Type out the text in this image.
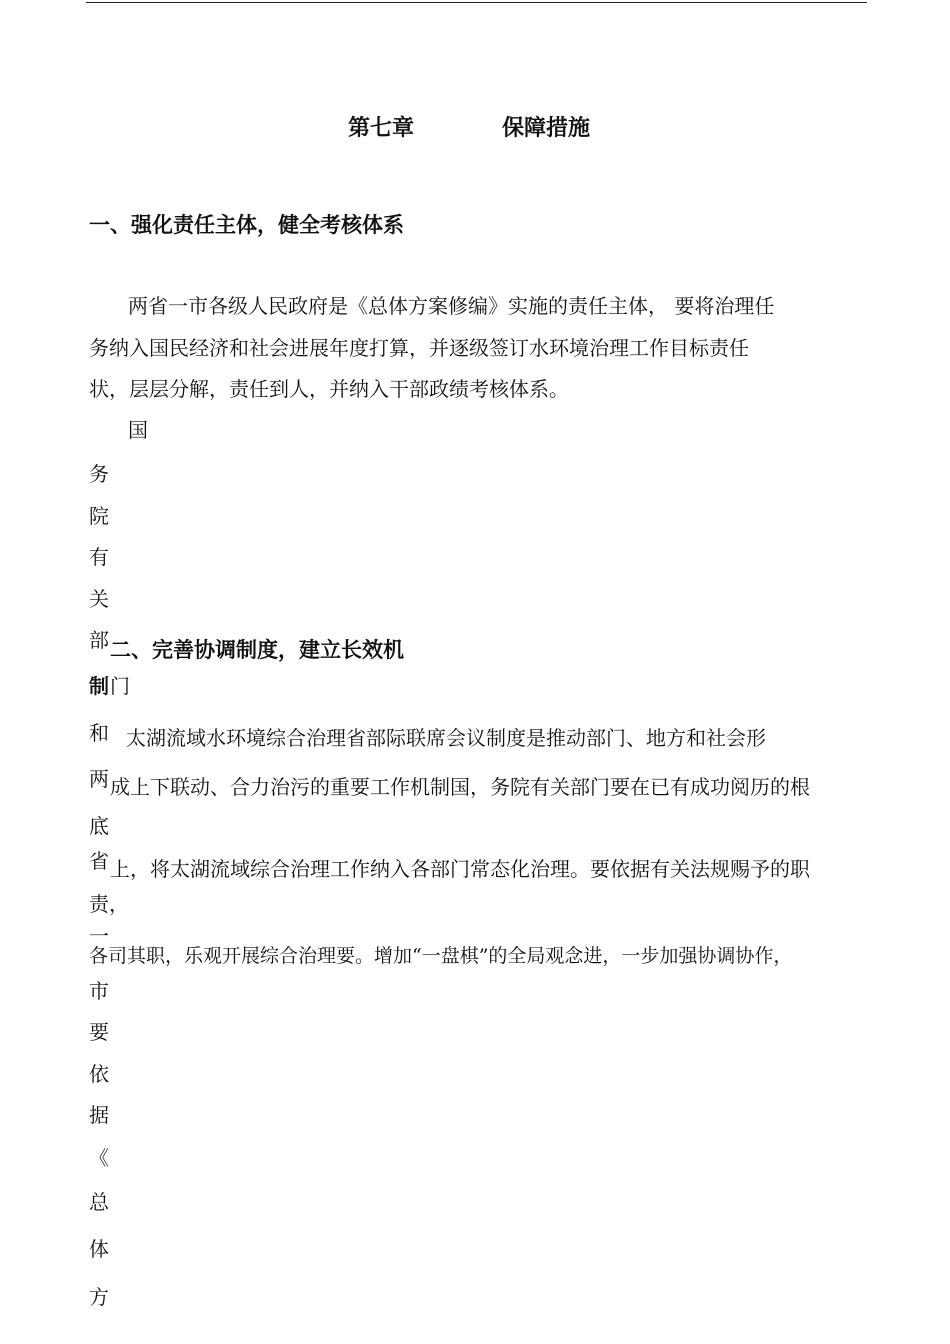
第七章	保障措施
一、强化责任主体，健全考核体系
两省一市各级人民政府是《总体方案修编》实施的责任主体， 要将治理任
务纳入国民经济和社会进展年度打算，并逐级签订水环境治理工作目标责任
状，层层分解，责任到人，并纳入干部政绩考核体系。
国
务
院
有
关
部
制 门
和
两
底
省
责，
一
市
要
依
据
《
总
体
方
二、完善协调制度，建立长效机
太湖流域水环境综合治理省部际联席会议制度是推动部门、地方和社会形
成上下联动、合力治污的重要工作机制国，务院有关部门要在已有成功阅历的根
上，将太湖流域综合治理工作纳入各部门常态化治理。要依据有关法规赐予的职
各司其职，乐观开展综合治理要。增加“一盘棋”的全局观念进，一步加强协调协作，
